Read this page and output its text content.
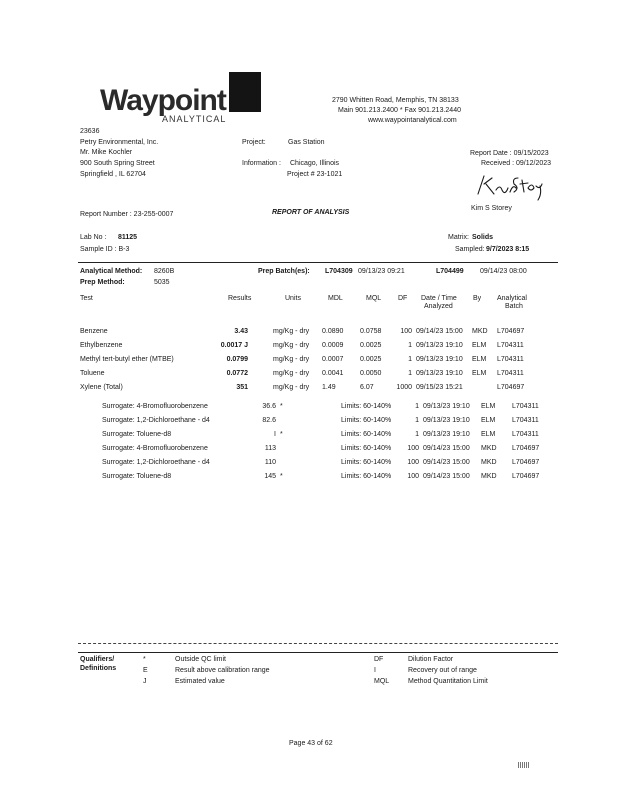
Waypoint
ANALYTICAL
2790 Whitten Road, Memphis, TN 38133
Main 901.213.2400 * Fax 901.213.2440
www.waypointanalytical.com
23636
Petry Environmental, Inc.
Mr. Mike Kochler
900 South Spring Street
Springfield , IL 62704
Project:	Gas Station
Information : Chicago, Illinois
Project # 23-1021
Report Date : 09/15/2023
Received : 09/12/2023
Kim S Storey
Report Number : 23-255-0007	REPORT OF ANALYSIS
Lab No : 81125
Sample ID : B-3
Matrix: Solids
Sampled: 9/7/2023 8:15
Analytical Method: 8260B
Prep Method:	5035
Prep Batch(es): L704309 09/13/23 09:21	L704499 09/14/23 08:00
Test	Results	Units	MDL	MQL DF Date / Time
Analyzed
By Analytical
Batch
Benzene	3.43	mg/Kg - dry 0.0890 0.0758	100 09/14/23 15:00 MKD L704697
Ethylbenzene	0.0017 J	mg/Kg - dry 0.0009 0.0025	1 09/13/23 19:10 ELM L704311
Methyl tert-butyl ether (MTBE)	0.0799	mg/Kg - dry 0.0007 0.0025	1 09/13/23 19:10 ELM L704311
Toluene	0.0772	mg/Kg - dry 0.0041 0.0050	1 09/13/23 19:10 ELM L704311
Xylene (Total)	351	mg/Kg - dry 1.49	6.07	1000 09/15/23 15:21	L704697
Surrogate: 4-Bromofluorobenzene	36.6 *	Limits: 60-140%	1 09/13/23 19:10 ELM L704311
Surrogate: 1,2-Dichloroethane - d4	82.6	Limits: 60-140%	1 09/13/23 19:10 ELM L704311
Surrogate: Toluene-d8	I *	Limits: 60-140%	1 09/13/23 19:10 ELM L704311
Surrogate: 4-Bromofluorobenzene	113	Limits: 60-140%	100 09/14/23 15:00 MKD L704697
Surrogate: 1,2-Dichloroethane - d4	110	Limits: 60-140%	100 09/14/23 15:00 MKD L704697
Surrogate: Toluene-d8	145 *	Limits: 60-140%	100 09/14/23 15:00 MKD L704697
Qualifiers/
Definitions
*	Outside QC limit
E	Result above calibration range
J	Estimated value
DF	Dilution Factor
I	Recovery out of range
MQL	Method Quantitation Limit
Page 43 of 62
